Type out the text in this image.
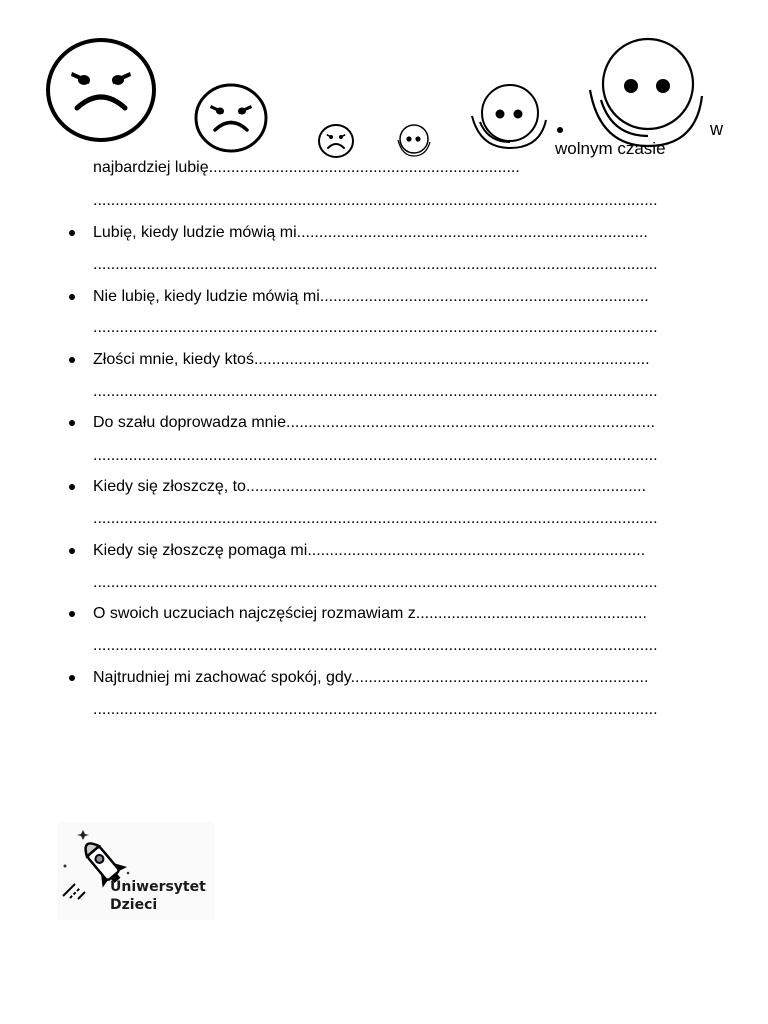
w
wolnym czasie
najbardziej lubię......................................................................
...............................................................................................................................
Lubię, kiedy ludzie mówią mi...............................................................................
...............................................................................................................................
Nie lubię, kiedy ludzie mówią mi..........................................................................
...............................................................................................................................
Złości mnie, kiedy ktoś.........................................................................................
...............................................................................................................................
Do szału doprowadza mnie...................................................................................
...............................................................................................................................
Kiedy się złoszczę, to..........................................................................................
...............................................................................................................................
Kiedy się złoszczę pomaga mi............................................................................
...............................................................................................................................
O swoich uczuciach najczęściej rozmawiam z....................................................
...............................................................................................................................
Najtrudniej mi zachować spokój, gdy...................................................................
...............................................................................................................................
Uniwersytet
Dzieci
